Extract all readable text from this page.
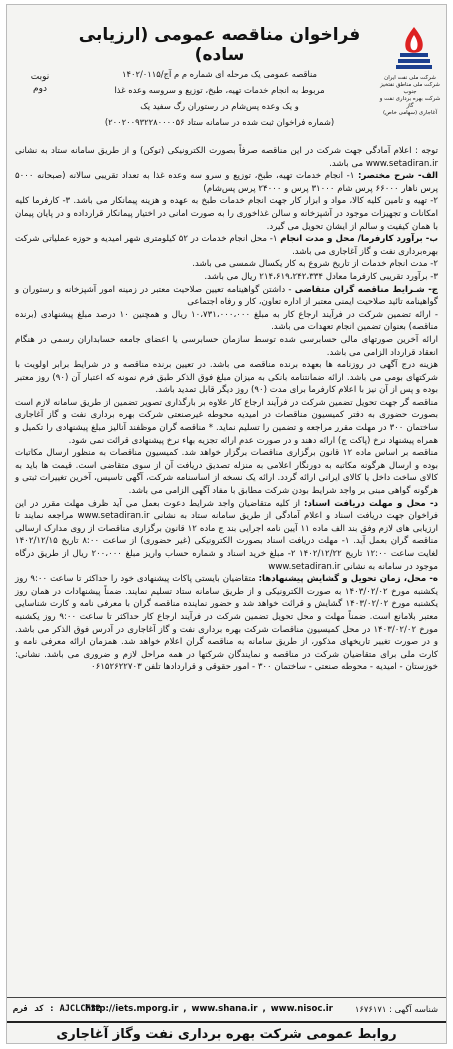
شرکت ملی نفت ایران
شرکت ملی مناطق نفتخیز جنوب
شرکت بهره برداری نفت و گاز
آغاجاری (سهامی خاص)
نوبت دوم
فراخوان مناقصه عمومی (ارزیابی ساده)
مناقصه عمومی یک مرحله ای شماره م م آج/۱۴۰۲/۰۱۱۵
مربوط به انجام خدمات تهیه، طبخ، توزیع و سروسه وعده غذا
و یک وعده پس‌شام در رستوران رگ سفید یک
(شماره فراخوان ثبت شده در سامانه ستاد ۲۰۰۲۰۰۹۳۲۲۸۰۰۰۰۵۶)

توجه : اعلام آمادگی جهت شرکت در این مناقصه صرفاً بصورت الکترونیکی (توکن) و از طریق سامانه ستاد به نشانی www.setadiran.ir می باشد.

الف- شرح مختصر: ۱- انجام خدمات تهیه، طبخ، توزیع و سرو سه وعده غذا به تعداد تقریبی سالانه (صبحانه ۵۰۰۰ پرس ناهار ۶۶۰۰۰ پرس شام ۳۱۰۰۰ پرس و ۲۴۰۰۰ پرس پس‌شام)

۲- تهیه و تامین کلیه کالا، مواد و ابزار کار جهت انجام خدمات طبخ به عهده و هزینه پیمانکار می باشد. ۳- کارفرما کلیه امکانات و تجهیزات موجود در آشپزخانه و سالن غذاخوری را به صورت امانی در اختیار پیمانکار قرارداده و در پایان پیمان با همان کیفیت و سالم از ایشان تحویل می گیرد.

ب- برآورد کارفرما/ محل و مدت انجام ۱- محل انجام خدمات در ۵۲ کیلومتری شهر امیدیه و حوزه عملیاتی شرکت بهره‌برداری نفت و گاز آغاجاری می باشد.

۲- مدت انجام خدمات از تاریخ شروع به کار یکسال شمسی می باشد.

۳- برآورد تقریبی کارفرما معادل ۲۱۴،۶۱۹،۲۴۲،۳۳۴ ریال می باشد.

ج- شـرایط مناقصه گران متقاضی - داشتن گواهینامه تعیین صلاحیت معتبر در زمینه امور آشپزخانه و رستوران و گواهینامه تائید صلاحیت ایمنی معتبر از اداره تعاون، کار و رفاه اجتماعی

- ارائه تضمین شرکت در فرآیند ارجاع کار به مبلغ ۱۰،۷۳۱،۰۰۰،۰۰۰ ریال و همچنین ۱۰ درصد مبلغ پیشنهادی (برنده مناقصه) بعنوان تضمین انجام تعهدات می باشد.

ارائه آخرین صورتهای مالی حسابرسی شده توسط سازمان حسابرسی یا اعضای جامعه حسابداران رسمی در هنگام انعقاد قرارداد الزامی می باشد.

هزینه درج آگهی در روزنامه ها بعهده برنده مناقصه می باشد. در تعیین برنده مناقصه و در شرایط برابر اولویت با شرکتهای بومی می باشد. ارائه ضمانتنامه بانکی به میزان مبلغ فوق الذکر طبق فرم نمونه که اعتبار آن (۹۰) روز معتبر بوده و پس از آن نیز با اعلام کارفرما برای مدت (۹۰) روز دیگر قابل تمدید باشد.

مناقصه گر جهت تحویل تضمین شرکت در فرآیند ارجاع کار علاوه بر بارگذاری تصویر تضمین از طریق سامانه لازم است بصورت حضوری به دفتر کمیسیون مناقصات در امیدیه محوطه غیرصنعتی شرکت بهره برداری نفت و گاز آغاجاری ساختمان ۳۰۰ در مهلت مقرر مراجعه و تضمین را تسلیم نماید. * مناقصه گران موظفند آنالیز مبلغ پیشنهادی را تکمیل و همراه پیشنهاد نرخ (پاکت ج) ارائه دهند و در صورت عدم ارائه تجزیه بهاء نرخ پیشنهادی قرائت نمی شود.

مناقصه بر اساس ماده ۱۲ قانون برگزاری مناقصات برگزار خواهد شد. کمیسیون مناقصات به منظور ارسال مکاتبات بوده و ارسال هرگونه مکاتبه به دورنگار اعلامی به منزله تصدیق دریافت آن از سوی متقاضی است. قیمت ها باید به کالای ساخت داخل یا کالای ایرانی ارائه گردد. ارائه یک نسخه از اساسنامه شرکت، آگهی تاسیس، آخرین تغییرات ثبتی و هرگونه گواهی مبنی بر واجد شرایط بودن شرکت مطابق با مفاد آگهی الزامی می باشد.

د- محل و مهلت دریافت اسناد: از کلیه متقاضیان واجد شرایط دعوت بعمل می آید ظرف مهلت مقرر در این فراخوان جهت دریافت اسناد و اعلام آمادگی از طریق سامانه ستاد به نشانی www.setadiran.ir مراجعه نمایند تا ارزیابی های لازم وفق بند الف ماده ۱۱ آیین نامه اجرایی بند ج ماده ۱۲ قانون برگزاری مناقصات از روی مدارک ارسالی مناقصه گران بعمل آید. ۱- مهلت دریافت اسناد بصورت الکترونیکی (غیر حضوری) از ساعت ۸:۰۰ تاریخ ۱۴۰۲/۱۲/۱۵ لغایت ساعت ۱۲:۰۰ تاریخ ۱۴۰۲/۱۲/۲۲ ۲- مبلغ خرید اسناد و شماره حساب واریز مبلغ ۲۰۰،۰۰۰ ریال از طریق درگاه موجود در سامانه به نشانی www.setadiran.ir

ه- محل، زمان تحویل و گشایش پیشنهادها: متقاضیان بایستی پاکات پیشنهادی خود را حداکثر تا ساعت ۹:۰۰ روز یکشنبه مورخ ۱۴۰۳/۰۲/۰۲ به صورت الکترونیکی و از طریق سامانه ستاد تسلیم نمایند. ضمناً پیشنهادات در همان روز یکشنبه مورخ ۱۴۰۳/۰۲/۰۲ گشایش و قرائت خواهد شد و حضور نماینده مناقصه گران با معرفی نامه و کارت شناسایی معتبر بلامانع است. ضمناً مهلت و محل تحویل تضمین شرکت در فرآیند ارجاع کار حداکثر تا ساعت ۹:۰۰ روز یکشنبه مورخ ۱۴۰۳/۰۲/۰۲ در محل کمیسیون مناقصات شرکت بهره برداری نفت و گاز آغاجاری در آدرس فوق الذکر می باشد. و در صورت تغییر تاریخهای مذکور، از طریق سامانه به مناقصه گران اعلام خواهد شد. همزمان ارائه معرفی نامه و کارت ملی برای متقاضیان شرکت در مناقصه و نمایندگان شرکتها در همه مراحل لازم و ضروری می باشد. نشانی: خوزستان - امیدیه - محوطه صنعتی - ساختمان ۳۰۰ - امور حقوقی و قراردادها تلفن ۰۶۱۵۲۶۲۲۷۰۳

کد فرم : AJCLCF32
http://iets.mporg.ir , www.shana.ir , www.nisoc.ir	شناسه آگهی : ۱۶۷۶۱۷۱
روابط عمومی شرکت بهره برداری نفت وگاز آغاجاری
